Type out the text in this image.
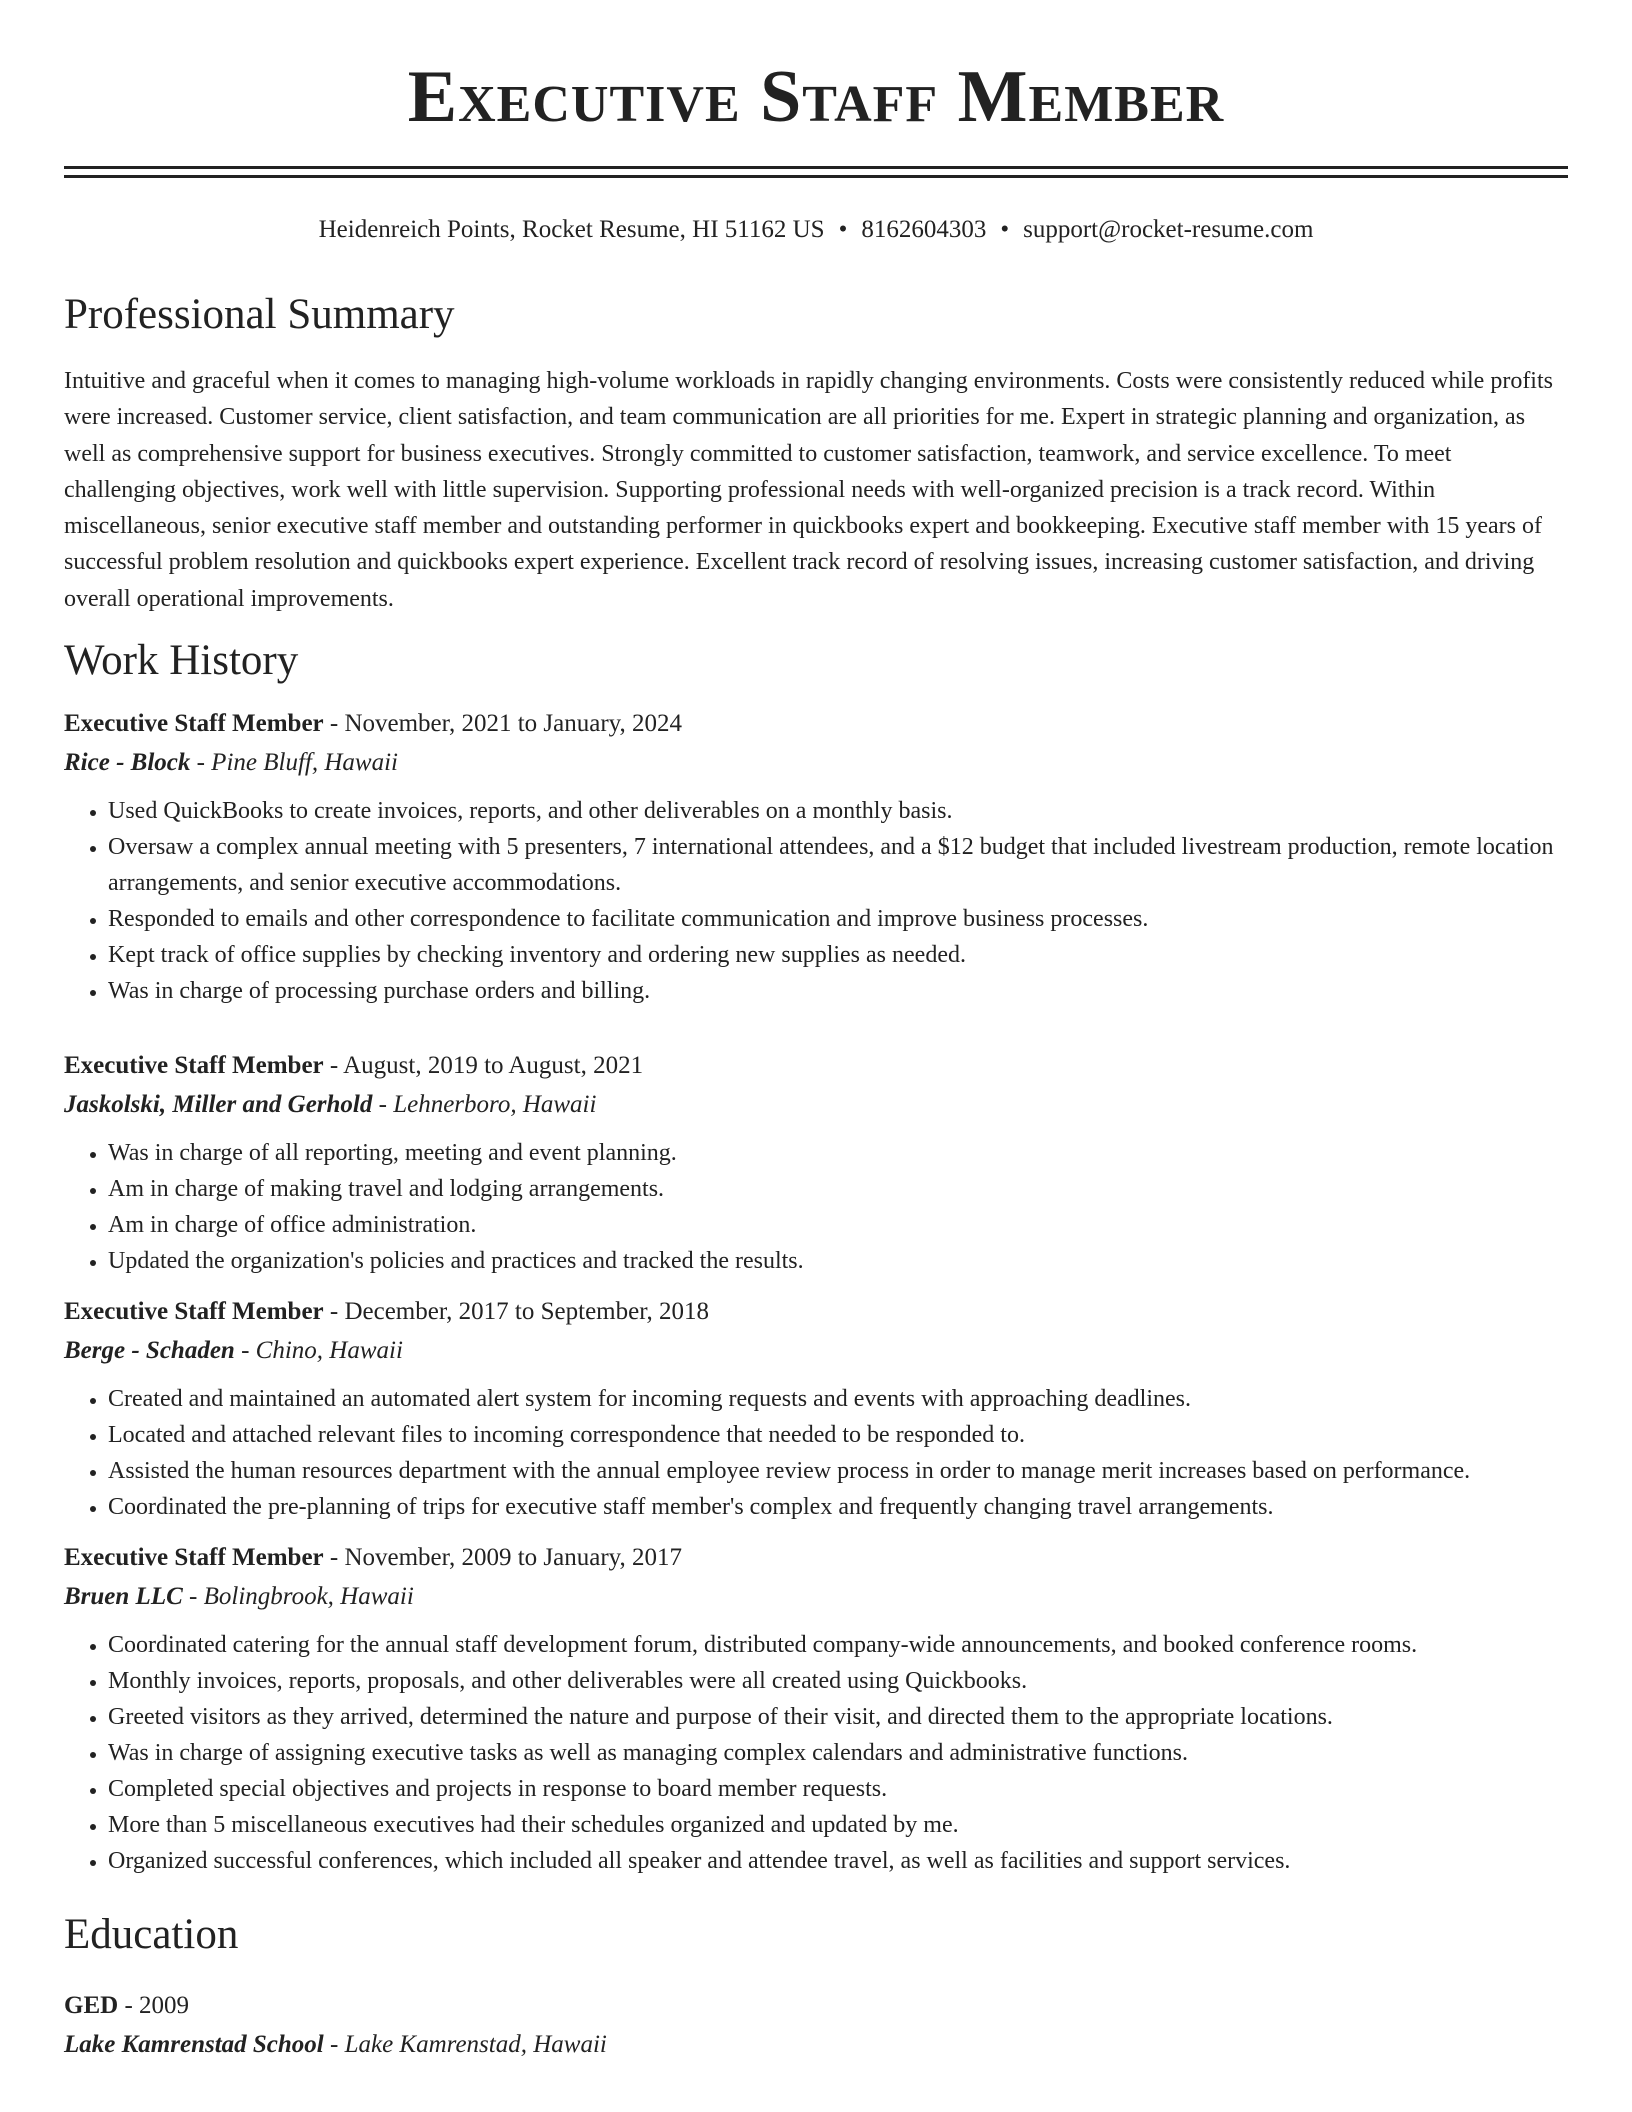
Executive Staff Member
Heidenreich Points, Rocket Resume, HI 51162 US • 8162604303 • support@rocket-resume.com
Professional Summary

Intuitive and graceful when it comes to managing high-volume workloads in rapidly changing environments. Costs were consistently reduced while profits were increased. Customer service, client satisfaction, and team communication are all priorities for me. Expert in strategic planning and organization, as well as comprehensive support for business executives. Strongly committed to customer satisfaction, teamwork, and service excellence. To meet challenging objectives, work well with little supervision. Supporting professional needs with well-organized precision is a track record. Within miscellaneous, senior executive staff member and outstanding performer in quickbooks expert and bookkeeping. Executive staff member with 15 years of successful problem resolution and quickbooks expert experience. Excellent track record of resolving issues, increasing customer satisfaction, and driving overall operational improvements.

Work History
Executive Staff Member - November, 2021 to January, 2024
Rice - Block - Pine Bluff, Hawaii
• Used QuickBooks to create invoices, reports, and other deliverables on a monthly basis.
• Oversaw a complex annual meeting with 5 presenters, 7 international attendees, and a $12 budget that included livestream production, remote location arrangements, and senior executive accommodations.
• Responded to emails and other correspondence to facilitate communication and improve business processes.
• Kept track of office supplies by checking inventory and ordering new supplies as needed.
• Was in charge of processing purchase orders and billing.
Executive Staff Member - August, 2019 to August, 2021
Jaskolski, Miller and Gerhold - Lehnerboro, Hawaii
• Was in charge of all reporting, meeting and event planning.
• Am in charge of making travel and lodging arrangements.
• Am in charge of office administration.
• Updated the organization's policies and practices and tracked the results.
Executive Staff Member - December, 2017 to September, 2018
Berge - Schaden - Chino, Hawaii
• Created and maintained an automated alert system for incoming requests and events with approaching deadlines.
• Located and attached relevant files to incoming correspondence that needed to be responded to.
• Assisted the human resources department with the annual employee review process in order to manage merit increases based on performance.
• Coordinated the pre-planning of trips for executive staff member's complex and frequently changing travel arrangements.
Executive Staff Member - November, 2009 to January, 2017
Bruen LLC - Bolingbrook, Hawaii
• Coordinated catering for the annual staff development forum, distributed company-wide announcements, and booked conference rooms.
• Monthly invoices, reports, proposals, and other deliverables were all created using Quickbooks.
• Greeted visitors as they arrived, determined the nature and purpose of their visit, and directed them to the appropriate locations.
• Was in charge of assigning executive tasks as well as managing complex calendars and administrative functions.
• Completed special objectives and projects in response to board member requests.
• More than 5 miscellaneous executives had their schedules organized and updated by me.
• Organized successful conferences, which included all speaker and attendee travel, as well as facilities and support services.
Education
GED - 2009
Lake Kamrenstad School - Lake Kamrenstad, Hawaii
